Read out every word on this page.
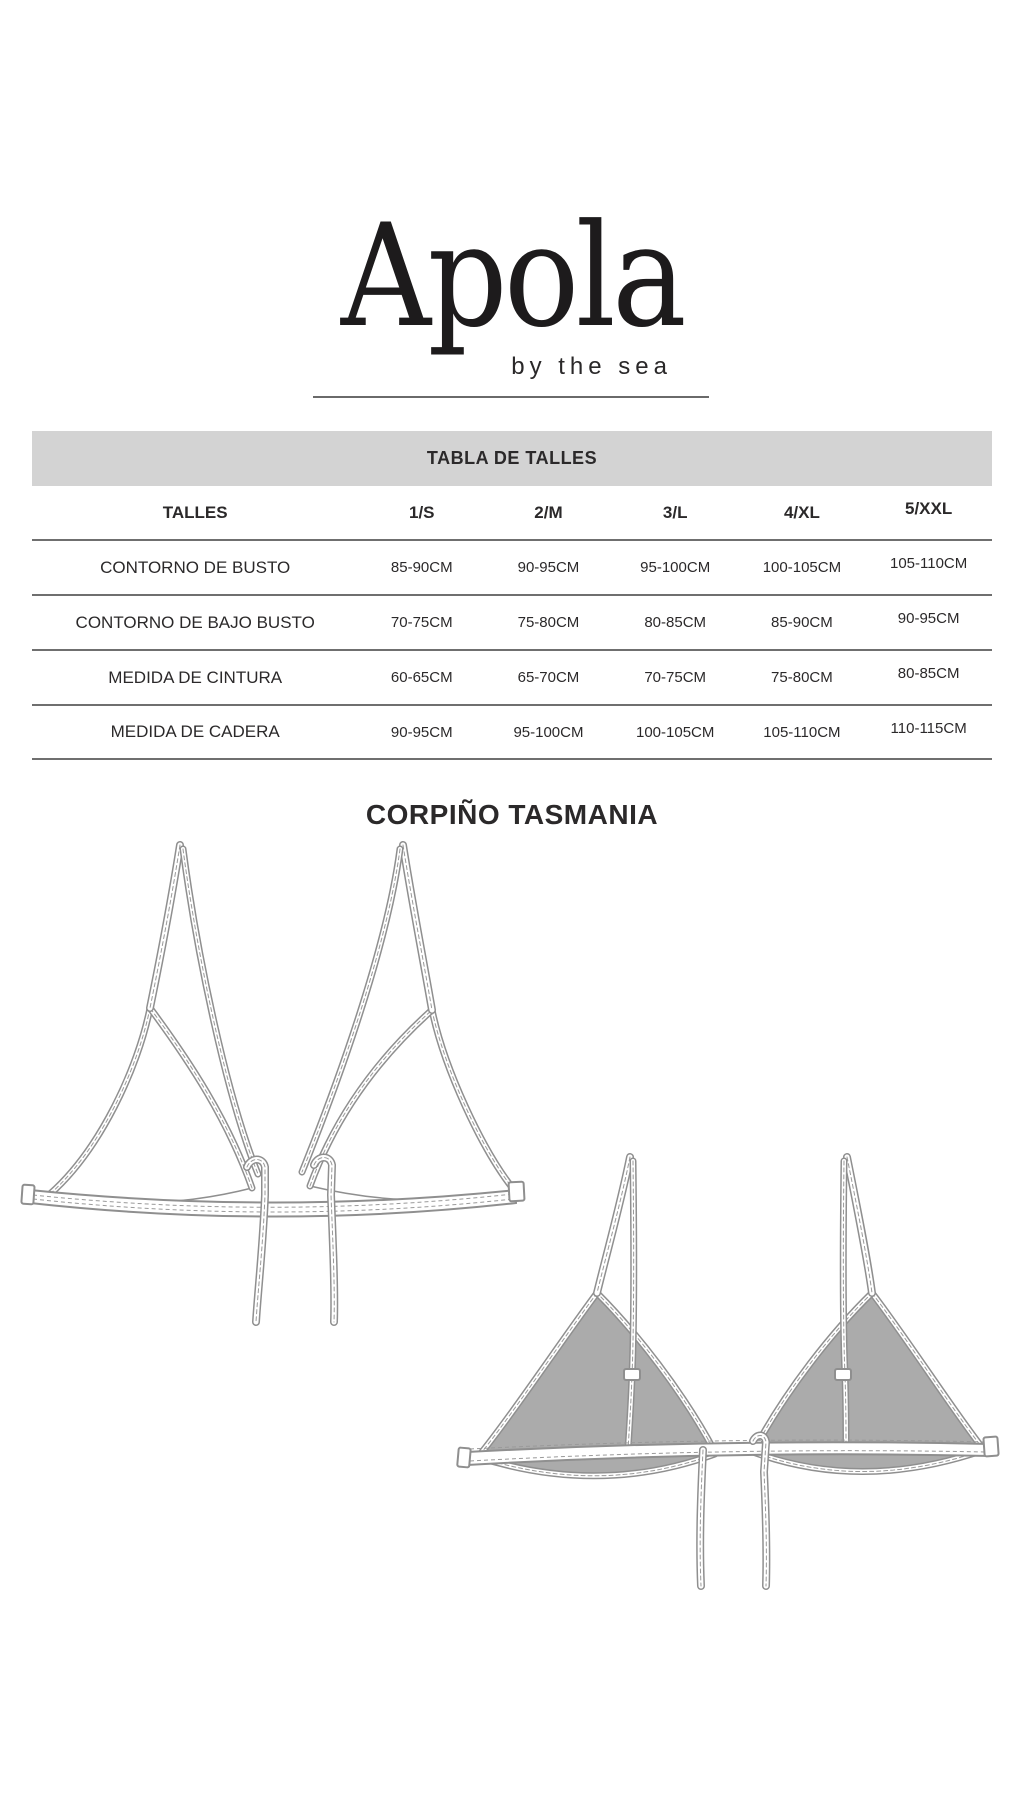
Apola
by the sea
TABLA DE TALLES
TALLES	1/S	2/M	3/L	4/XL	5/XXL
CONTORNO DE BUSTO	85-90CM	90-95CM	95-100CM	100-105CM	105-110CM
CONTORNO DE BAJO BUSTO	70-75CM	75-80CM	80-85CM	85-90CM	90-95CM
MEDIDA DE CINTURA	60-65CM	65-70CM	70-75CM	75-80CM	80-85CM
MEDIDA DE CADERA	90-95CM	95-100CM	100-105CM	105-110CM	110-115CM
CORPIÑO TASMANIA
